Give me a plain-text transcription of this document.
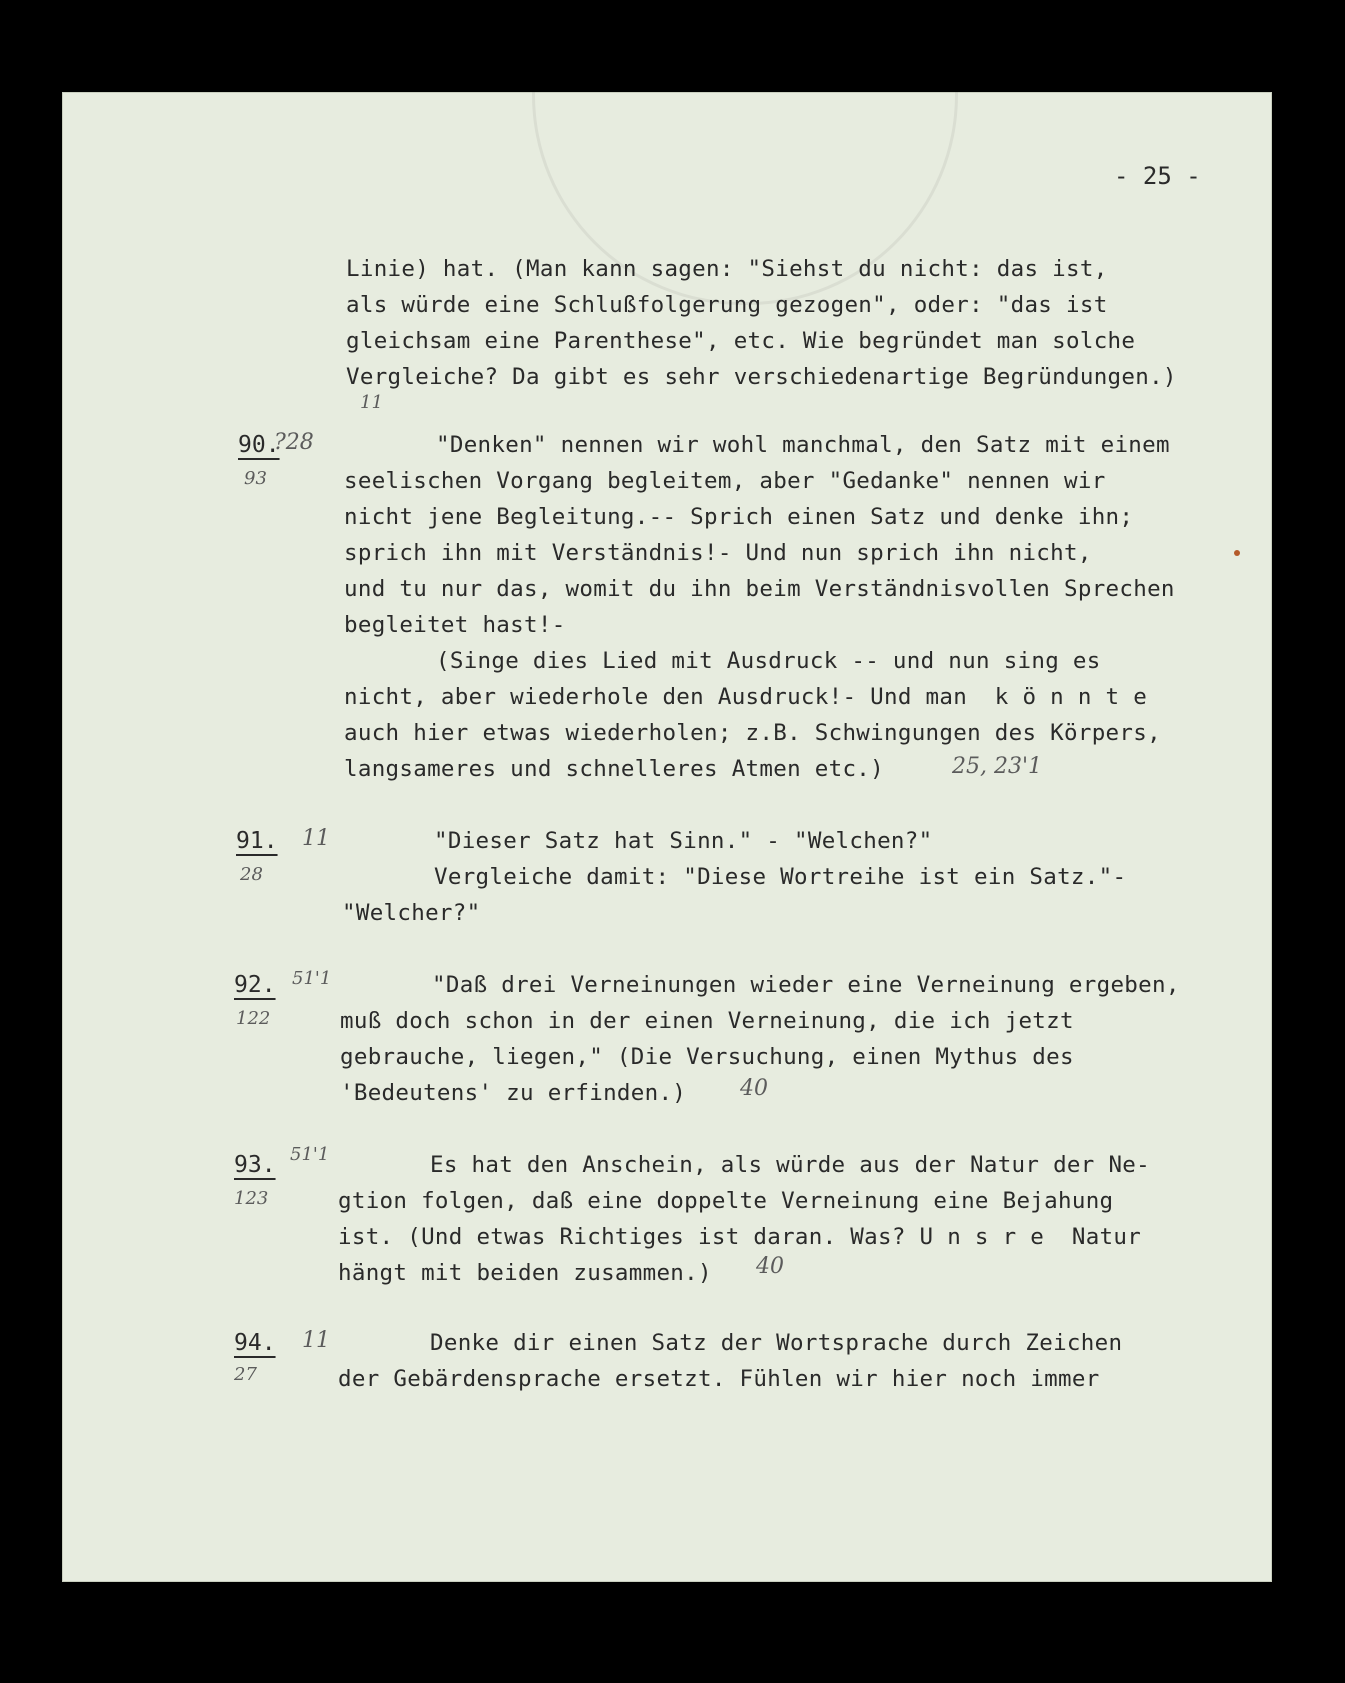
- 25 -
Linie) hat. (Man kann sagen: "Siehst du nicht: das ist,
als würde eine Schlußfolgerung gezogen", oder: "das ist
gleichsam eine Parenthese", etc. Wie begründet man solche
Vergleiche? Da gibt es sehr verschiedenartige Begründungen.)
11
90.
?28
93
"Denken" nennen wir wohl manchmal, den Satz mit einem
seelischen Vorgang begleitem, aber "Gedanke" nennen wir
nicht jene Begleitung.-- Sprich einen Satz und denke ihn;
sprich ihn mit Verständnis!- Und nun sprich ihn nicht,
und tu nur das, womit du ihn beim Verständnisvollen Sprechen
begleitet hast!-
(Singe dies Lied mit Ausdruck -- und nun sing es
nicht, aber wiederhole den Ausdruck!- Und man  k ö n n t e
auch hier etwas wiederholen; z.B. Schwingungen des Körpers,
langsameres und schnelleres Atmen etc.)	25, 23'1
91. 11
28
"Dieser Satz hat Sinn." - "Welchen?"
Vergleiche damit: "Diese Wortreihe ist ein Satz."-
"Welcher?"
92. 51'1
122
"Daß drei Verneinungen wieder eine Verneinung ergeben,
muß doch schon in der einen Verneinung, die ich jetzt
gebrauche, liegen," (Die Versuchung, einen Mythus des
'Bedeutens' zu erfinden.) 40
93. 51'1
123
Es hat den Anschein, als würde aus der Natur der Ne-
gtion folgen, daß eine doppelte Verneinung eine Bejahung
ist. (Und etwas Richtiges ist daran. Was? U n s r e  Natur
hängt mit beiden zusammen.) 40
94. 11
27
Denke dir einen Satz der Wortsprache durch Zeichen
der Gebärdensprache ersetzt. Fühlen wir hier noch immer
